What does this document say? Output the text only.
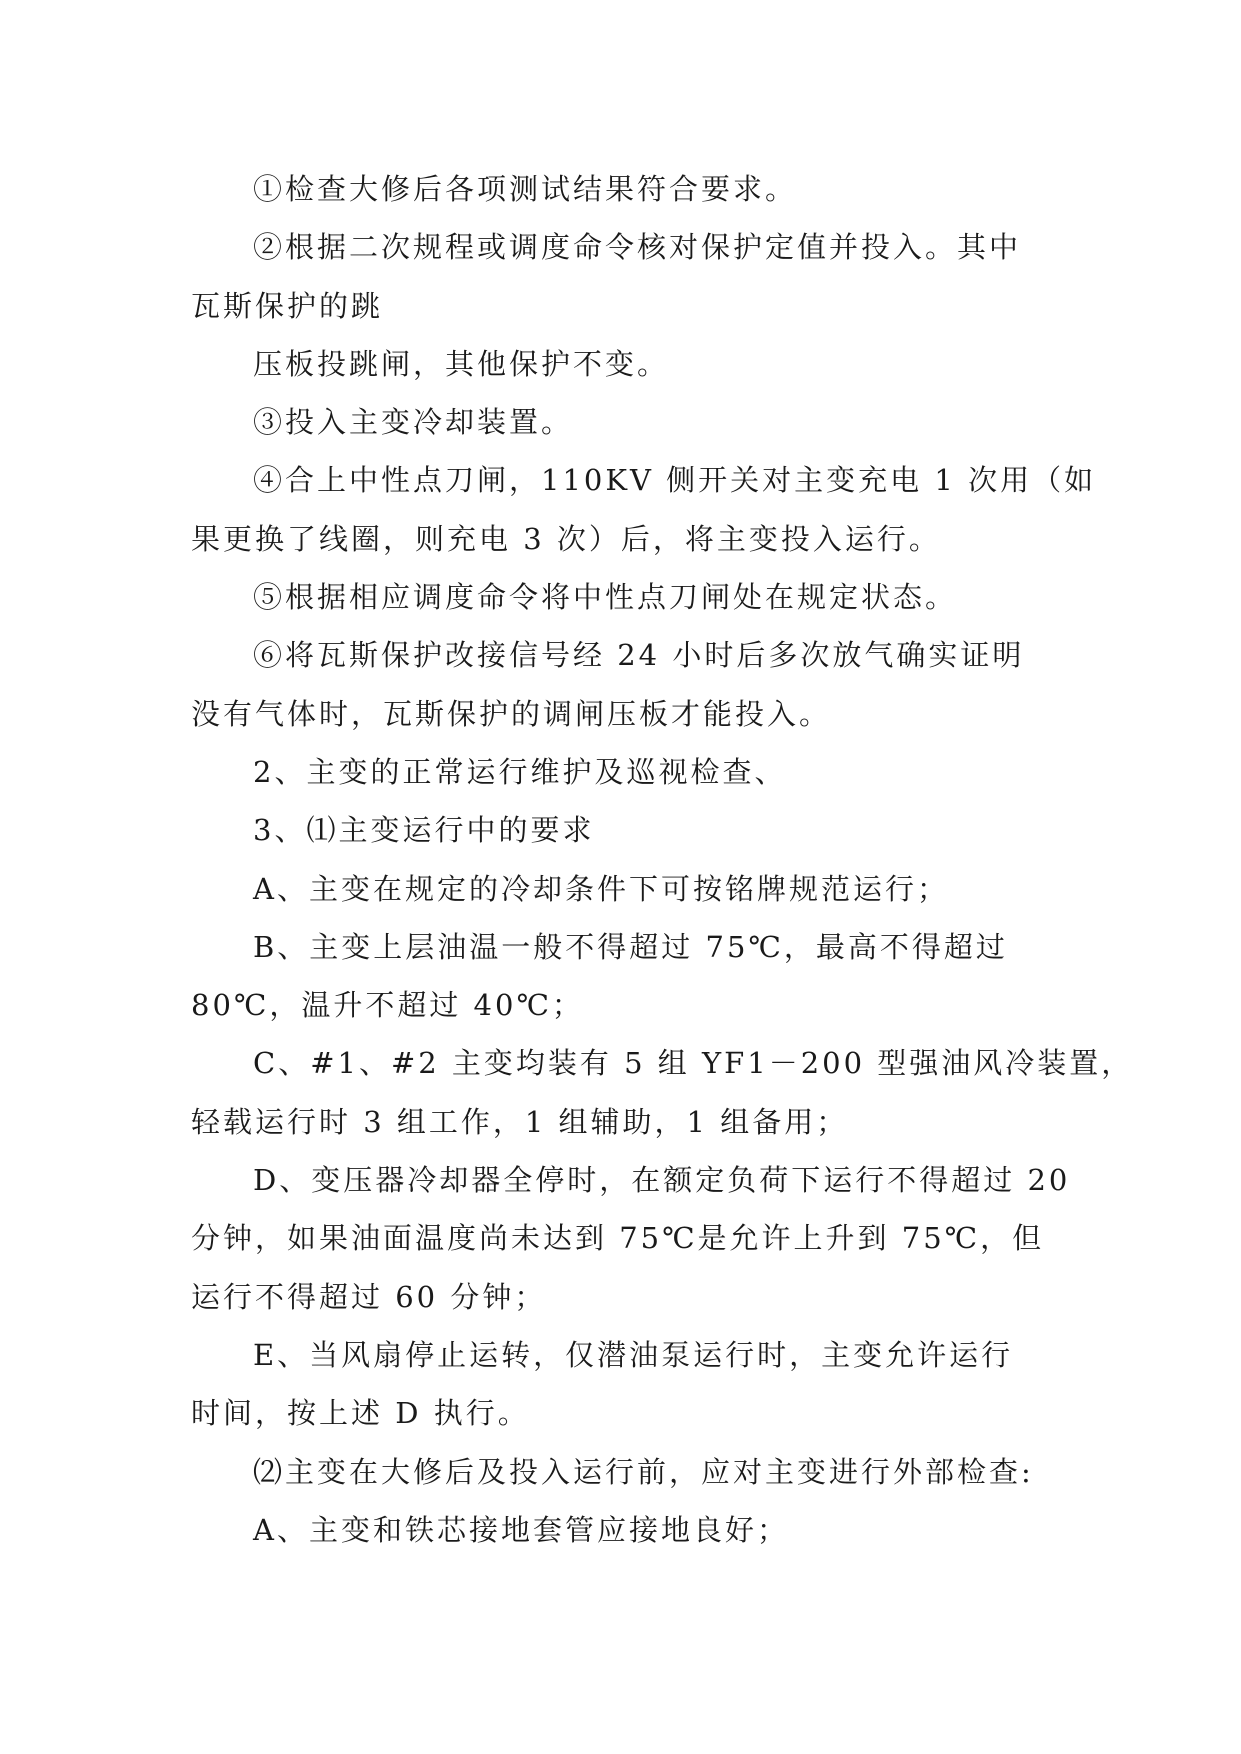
①检查大修后各项测试结果符合要求。
②根据二次规程或调度命令核对保护定值并投入。其中
瓦斯保护的跳
压板投跳闸，其他保护不变。
③投入主变冷却装置。
④合上中性点刀闸，110KV 侧开关对主变充电 1 次用（如
果更换了线圈，则充电 3 次）后，将主变投入运行。
⑤根据相应调度命令将中性点刀闸处在规定状态。
⑥将瓦斯保护改接信号经 24 小时后多次放气确实证明
没有气体时，瓦斯保护的调闸压板才能投入。
2、主变的正常运行维护及巡视检查、
3、⑴主变运行中的要求
A、主变在规定的冷却条件下可按铭牌规范运行；
B、主变上层油温一般不得超过 75℃，最高不得超过
80℃，温升不超过 40℃；
C、#1、#2 主变均装有 5 组 YF1－200 型强油风冷装置，
轻载运行时 3 组工作，1 组辅助，1 组备用；
D、变压器冷却器全停时，在额定负荷下运行不得超过 20
分钟，如果油面温度尚未达到 75℃是允许上升到 75℃，但
运行不得超过 60 分钟；
E、当风扇停止运转，仅潜油泵运行时，主变允许运行
时间，按上述 D 执行。
⑵主变在大修后及投入运行前，应对主变进行外部检查:
A、主变和铁芯接地套管应接地良好；
